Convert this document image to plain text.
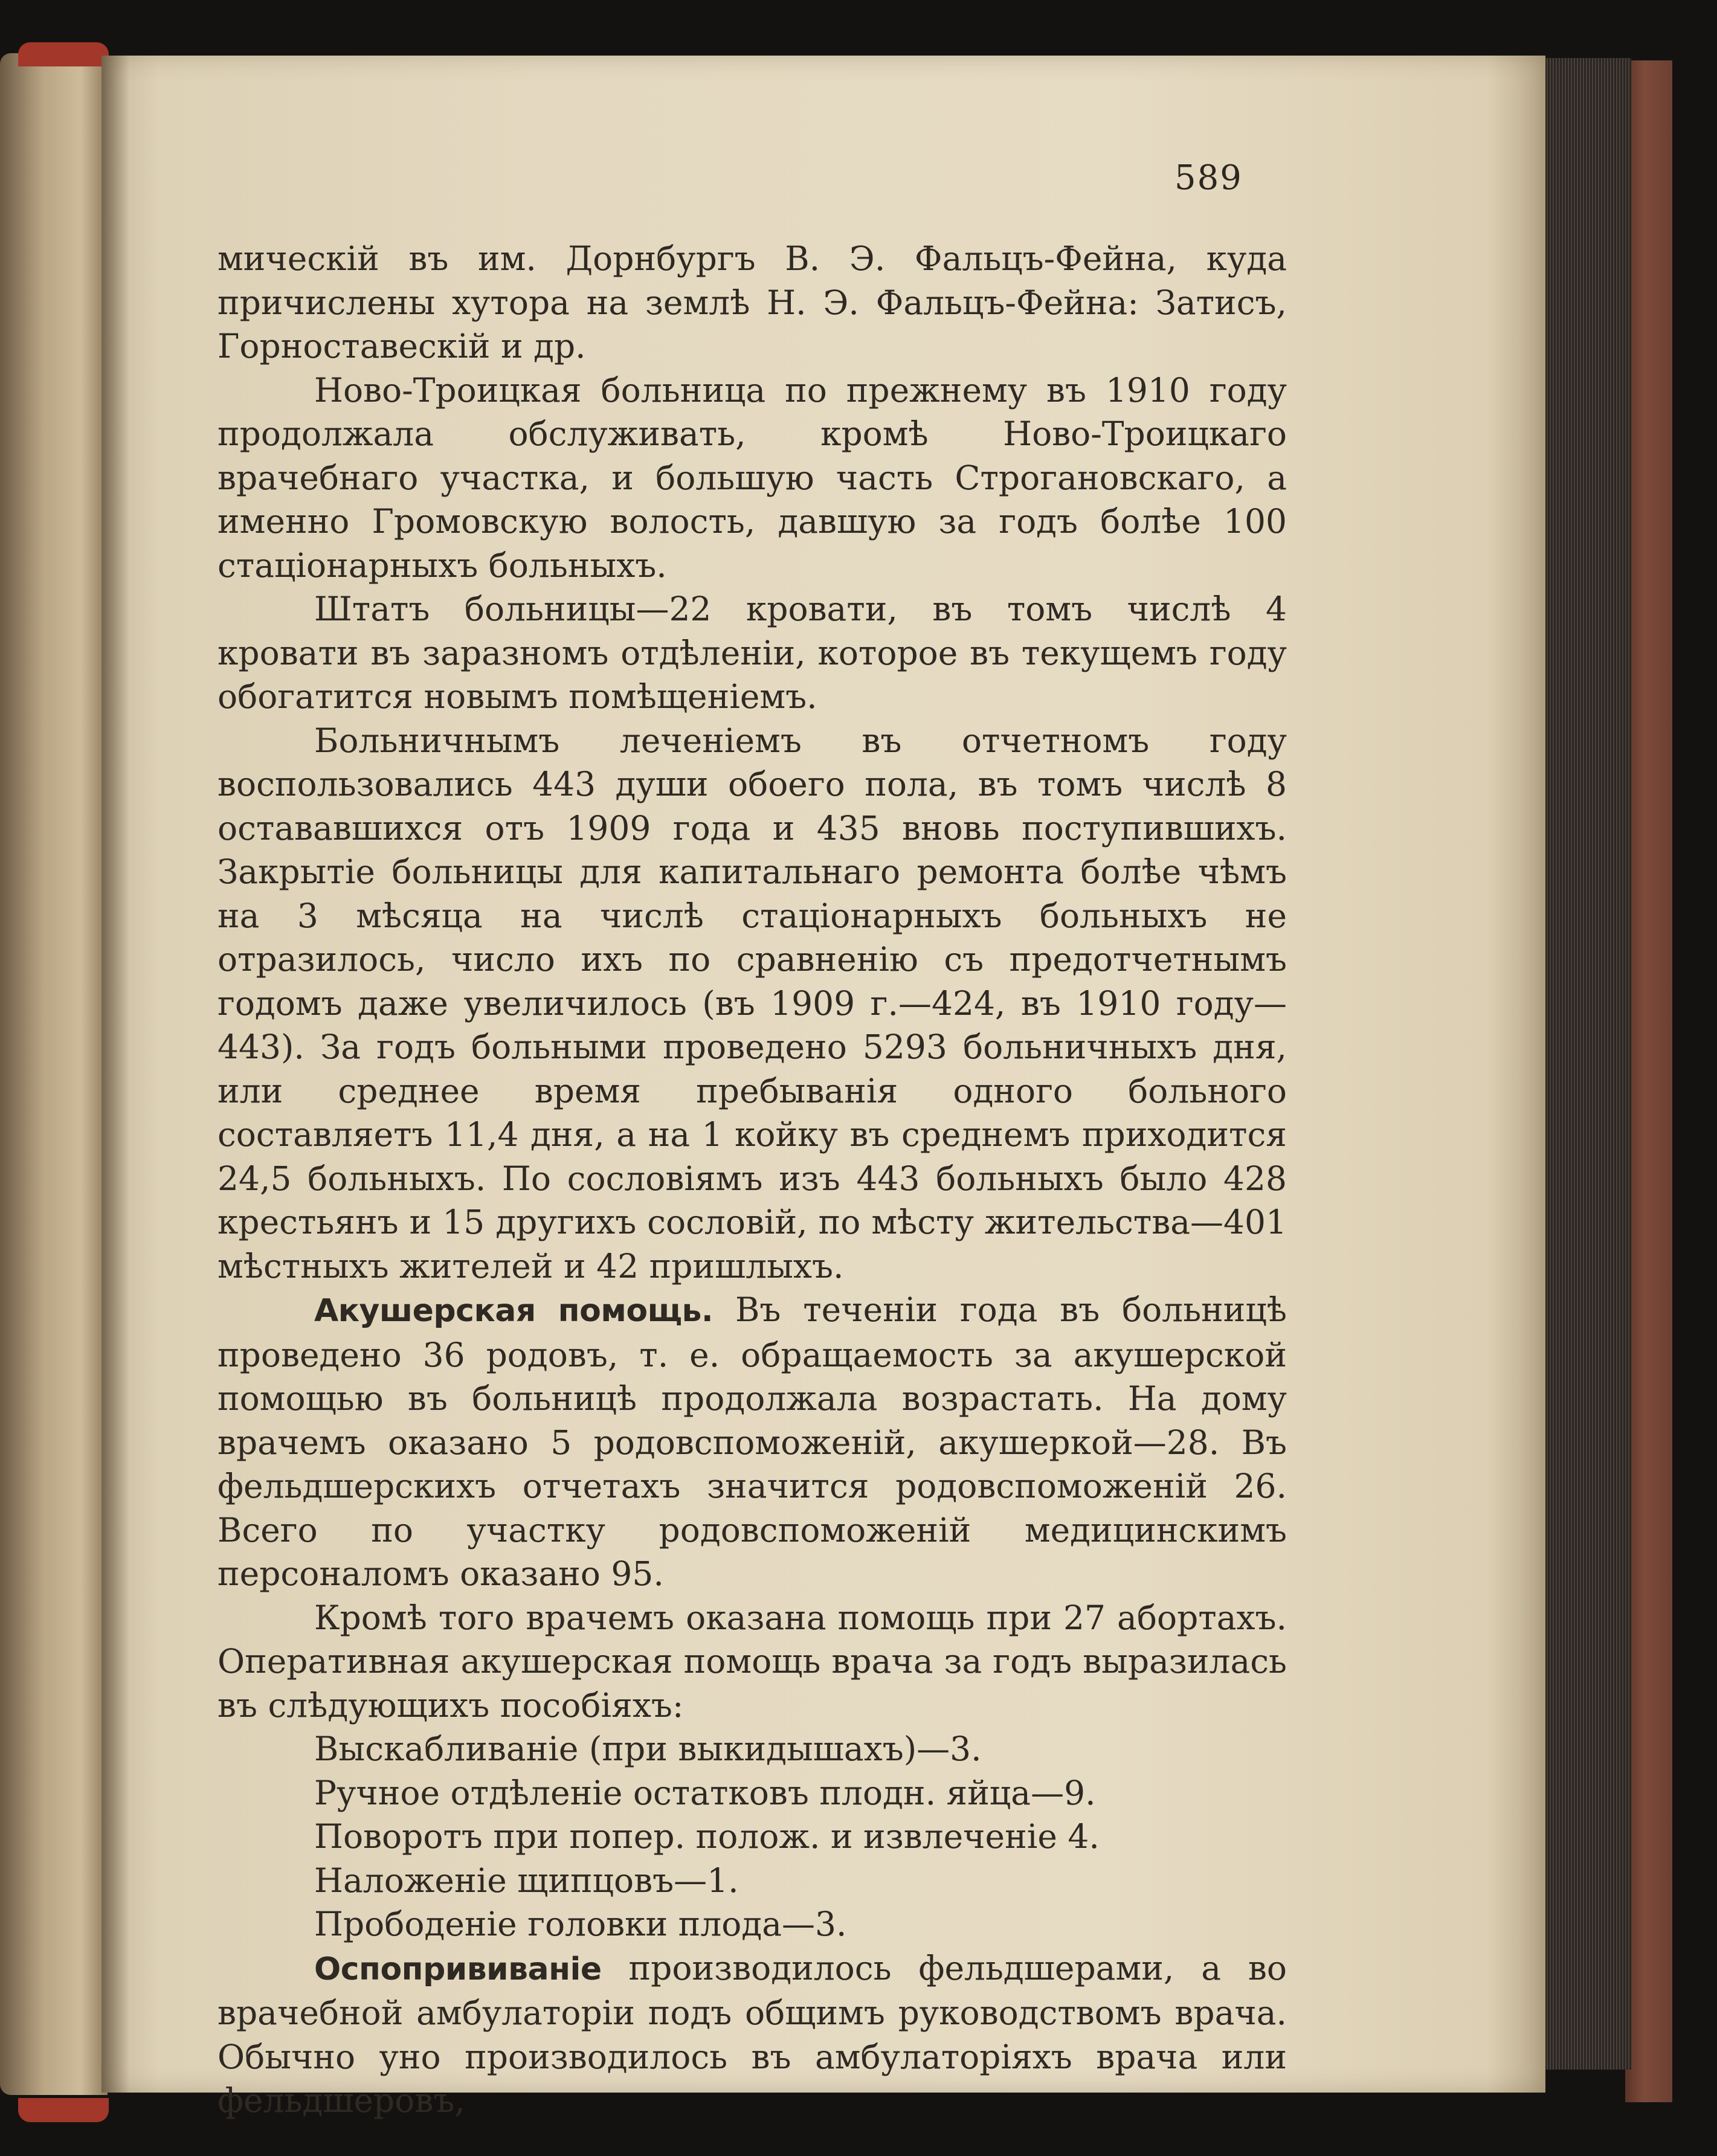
589

мическій въ им. Дорнбургъ В. Э. Фальцъ-Фейна, куда причислены хутора на землѣ Н. Э. Фальцъ-Фейна: Затисъ, Горноставескій и др.

Ново-Троицкая больница по прежнему въ 1910 году продолжала обслуживать, кромѣ Ново-Троицкаго врачебнаго участка, и большую часть Строгановскаго, а именно Громовскую волость, давшую за годъ болѣе 100 стаціонарныхъ больныхъ.

Штатъ больницы—22 кровати, въ томъ числѣ 4 кровати въ заразномъ отдѣленіи, которое въ текущемъ году обогатится новымъ помѣщеніемъ.

Больничнымъ леченіемъ въ отчетномъ году воспользовались 443 души обоего пола, въ томъ числѣ 8 остававшихся отъ 1909 года и 435 вновь поступившихъ. Закрытіе больницы для капитальнаго ремонта болѣе чѣмъ на 3 мѣсяца на числѣ стаціонарныхъ больныхъ не отразилось, число ихъ по сравненію съ предотчетнымъ годомъ даже увеличилось (въ 1909 г.—424, въ 1910 году—443). За годъ больными проведено 5293 больничныхъ дня, или среднее время пребыванія одного больного составляетъ 11,4 дня, а на 1 койку въ среднемъ приходится 24,5 больныхъ. По сословіямъ изъ 443 больныхъ было 428 крестьянъ и 15 другихъ сословій, по мѣсту жительства—401 мѣстныхъ жителей и 42 пришлыхъ.

Акушерская помощь. Въ теченіи года въ больницѣ проведено 36 родовъ, т. е. обращаемость за акушерской помощью въ больницѣ продолжала возрастать. На дому врачемъ оказано 5 родовспоможеній, акушеркой—28. Въ фельдшерскихъ отчетахъ значится родовспоможеній 26. Всего по участку родовспоможеній медицинскимъ персоналомъ оказано 95.

Кромѣ того врачемъ оказана помощь при 27 абортахъ. Оперативная акушерская помощь врача за годъ выразилась въ слѣдующихъ пособіяхъ:

Выскабливаніе (при выкидышахъ)—3.

Ручное отдѣленіе остатковъ плодн. яйца—9.

Поворотъ при попер. полож. и извлеченіе 4.

Наложеніе щипцовъ—1.

Прободеніе головки плода—3.

Оспопрививаніе производилось фельдшерами, а во врачебной амбулаторіи подъ общимъ руководствомъ врача. Обычно уно производилось въ амбулаторіяхъ врача или фельдшеровъ,
